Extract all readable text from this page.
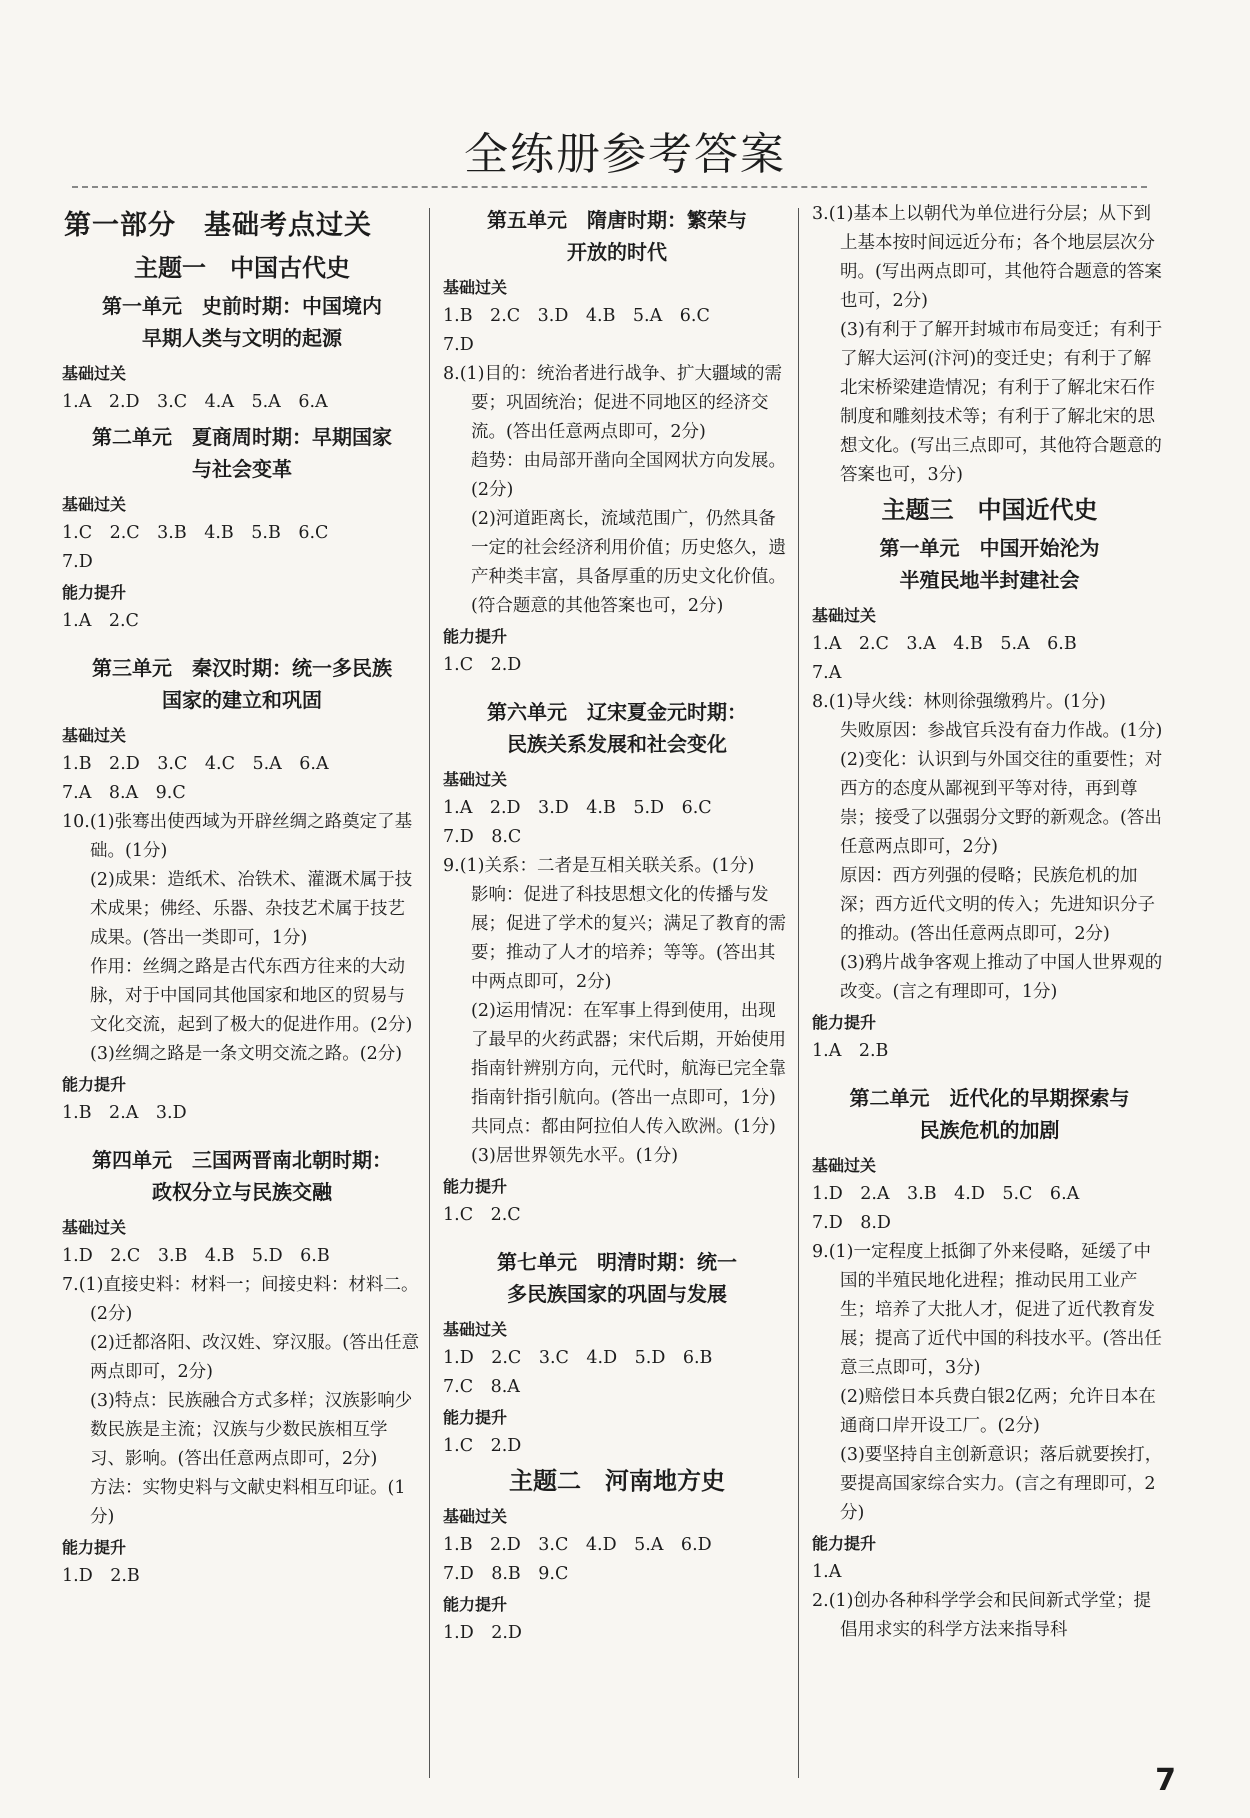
全练册参考答案
第一部分　基础考点过关
主题一　中国古代史
第一单元　史前时期：中国境内
早期人类与文明的起源
基础过关
1.A　2.D　3.C　4.A　5.A　6.A
第二单元　夏商周时期：早期国家
与社会变革
基础过关
1.C　2.C　3.B　4.B　5.B　6.C
7.D
能力提升
1.A　2.C
第三单元　秦汉时期：统一多民族
国家的建立和巩固
基础过关
1.B　2.D　3.C　4.C　5.A　6.A
7.A　8.A　9.C
10.(1)张骞出使西域为开辟丝绸之路奠定了基础。(1分)
(2)成果：造纸术、冶铁术、灌溉术属于技术成果；佛经、乐器、杂技艺术属于技艺成果。(答出一类即可，1分)
作用：丝绸之路是古代东西方往来的大动脉，对于中国同其他国家和地区的贸易与文化交流，起到了极大的促进作用。(2分)
(3)丝绸之路是一条文明交流之路。(2分)
能力提升
1.B　2.A　3.D
第四单元　三国两晋南北朝时期：
政权分立与民族交融
基础过关
1.D　2.C　3.B　4.B　5.D　6.B
7.(1)直接史料：材料一；间接史料：材料二。(2分)
(2)迁都洛阳、改汉姓、穿汉服。(答出任意两点即可，2分)
(3)特点：民族融合方式多样；汉族影响少数民族是主流；汉族与少数民族相互学习、影响。(答出任意两点即可，2分)
方法：实物史料与文献史料相互印证。(1分)
能力提升
1.D　2.B
第五单元　隋唐时期：繁荣与
开放的时代
基础过关
1.B　2.C　3.D　4.B　5.A　6.C
7.D
8.(1)目的：统治者进行战争、扩大疆域的需要；巩固统治；促进不同地区的经济交流。(答出任意两点即可，2分)
趋势：由局部开凿向全国网状方向发展。(2分)
(2)河道距离长，流域范围广，仍然具备一定的社会经济利用价值；历史悠久，遗产种类丰富，具备厚重的历史文化价值。(符合题意的其他答案也可，2分)
能力提升
1.C　2.D
第六单元　辽宋夏金元时期：
民族关系发展和社会变化
基础过关
1.A　2.D　3.D　4.B　5.D　6.C
7.D　8.C
9.(1)关系：二者是互相关联关系。(1分)
影响：促进了科技思想文化的传播与发展；促进了学术的复兴；满足了教育的需要；推动了人才的培养；等等。(答出其中两点即可，2分)
(2)运用情况：在军事上得到使用，出现了最早的火药武器；宋代后期，开始使用指南针辨别方向，元代时，航海已完全靠指南针指引航向。(答出一点即可，1分)
共同点：都由阿拉伯人传入欧洲。(1分)
(3)居世界领先水平。(1分)
能力提升
1.C　2.C
第七单元　明清时期：统一
多民族国家的巩固与发展
基础过关
1.D　2.C　3.C　4.D　5.D　6.B
7.C　8.A
能力提升
1.C　2.D
主题二　河南地方史
基础过关
1.B　2.D　3.C　4.D　5.A　6.D
7.D　8.B　9.C
能力提升
1.D　2.D
3.(1)基本上以朝代为单位进行分层；从下到上基本按时间远近分布；各个地层层次分明。(写出两点即可，其他符合题意的答案也可，2分)
(3)有利于了解开封城市布局变迁；有利于了解大运河(汴河)的变迁史；有利于了解北宋桥梁建造情况；有利于了解北宋石作制度和雕刻技术等；有利于了解北宋的思想文化。(写出三点即可，其他符合题意的答案也可，3分)
主题三　中国近代史
第一单元　中国开始沦为
半殖民地半封建社会
基础过关
1.A　2.C　3.A　4.B　5.A　6.B
7.A
8.(1)导火线：林则徐强缴鸦片。(1分)
失败原因：参战官兵没有奋力作战。(1分)
(2)变化：认识到与外国交往的重要性；对西方的态度从鄙视到平等对待，再到尊崇；接受了以强弱分文野的新观念。(答出任意两点即可，2分)
原因：西方列强的侵略；民族危机的加深；西方近代文明的传入；先进知识分子的推动。(答出任意两点即可，2分)
(3)鸦片战争客观上推动了中国人世界观的改变。(言之有理即可，1分)
能力提升
1.A　2.B
第二单元　近代化的早期探索与
民族危机的加剧
基础过关
1.D　2.A　3.B　4.D　5.C　6.A
7.D　8.D
9.(1)一定程度上抵御了外来侵略，延缓了中国的半殖民地化进程；推动民用工业产生；培养了大批人才，促进了近代教育发展；提高了近代中国的科技水平。(答出任意三点即可，3分)
(2)赔偿日本兵费白银2亿两；允许日本在通商口岸开设工厂。(2分)
(3)要坚持自主创新意识；落后就要挨打，要提高国家综合实力。(言之有理即可，2分)
能力提升
1.A
2.(1)创办各种科学学会和民间新式学堂；提倡用求实的科学方法来指导科
7
